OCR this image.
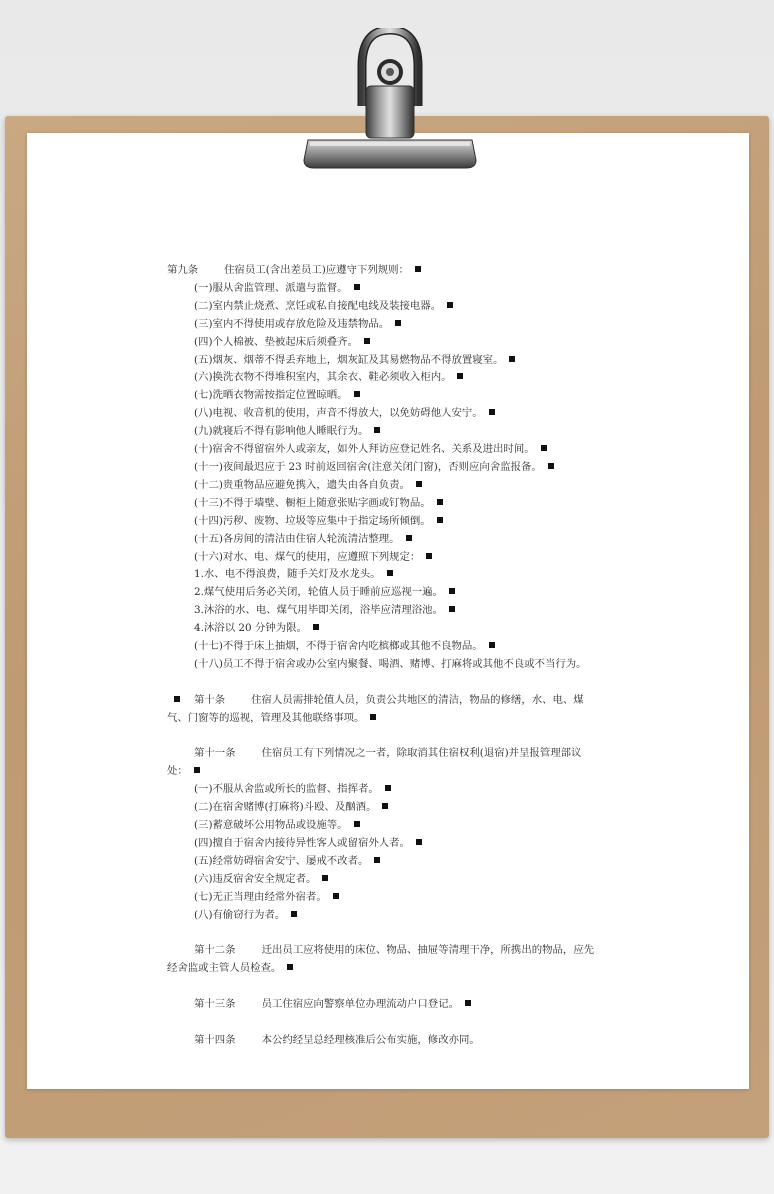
第九条	住宿员工(含出差员工)应遵守下列规则：
(一)服从舍监管理、派遣与监督。
(二)室内禁止烧煮、烹饪或私自接配电线及装接电器。
(三)室内不得使用或存放危险及违禁物品。
(四)个人棉被、垫被起床后须叠齐。
(五)烟灰、烟蒂不得丢弃地上，烟灰缸及其易燃物品不得放置寝室。
(六)换洗衣物不得堆积室内，其余衣、鞋必须收入柜内。
(七)洗晒衣物需按指定位置晾晒。
(八)电视、收音机的使用，声音不得放大，以免妨碍他人安宁。
(九)就寝后不得有影响他人睡眠行为。
(十)宿舍不得留宿外人或亲友，如外人拜访应登记姓名、关系及进出时间。
(十一)夜间最迟应于 23 时前返回宿舍(注意关闭门窗)，否则应向舍监报备。
(十二)贵重物品应避免携入，遗失由各自负责。
(十三)不得于墙壁、橱柜上随意张贴字画或钉物品。
(十四)污秽、废物、垃圾等应集中于指定场所倾倒。
(十五)各房间的清洁由住宿人轮流清洁整理。
(十六)对水、电、煤气的使用，应遵照下列规定：
1.水、电不得浪费，随手关灯及水龙头。
2.煤气使用后务必关闭，轮值人员于睡前应巡视一遍。
3.沐浴的水、电、煤气用毕即关闭，浴毕应清理浴池。
4.沐浴以 20 分钟为限。
(十七)不得于床上抽烟，不得于宿舍内吃槟榔或其他不良物品。
(十八)员工不得于宿舍或办公室内聚餐、喝酒、赌博、打麻将或其他不良或不当行为。
第十条	住宿人员需排轮值人员，负责公共地区的清洁，物品的修缮，水、电、煤
气、门窗等的巡视，管理及其他联络事项。
第十一条	住宿员工有下列情况之一者，除取消其住宿权利(退宿)并呈报管理部议
处：
(一)不服从舍监或所长的监督、指挥者。
(二)在宿舍赌博(打麻将)斗殴、及酗酒。
(三)蓄意破坏公用物品或设施等。
(四)擅自于宿舍内接待异性客人或留宿外人者。
(五)经常妨碍宿舍安宁、屡戒不改者。
(六)违反宿舍安全规定者。
(七)无正当理由经常外宿者。
(八)有偷窃行为者。
第十二条	迁出员工应将使用的床位、物品、抽屉等清理干净，所携出的物品，应先
经舍监或主管人员检查。
第十三条	员工住宿应向警察单位办理流动户口登记。
第十四条	本公约经呈总经理核准后公布实施，修改亦同。
